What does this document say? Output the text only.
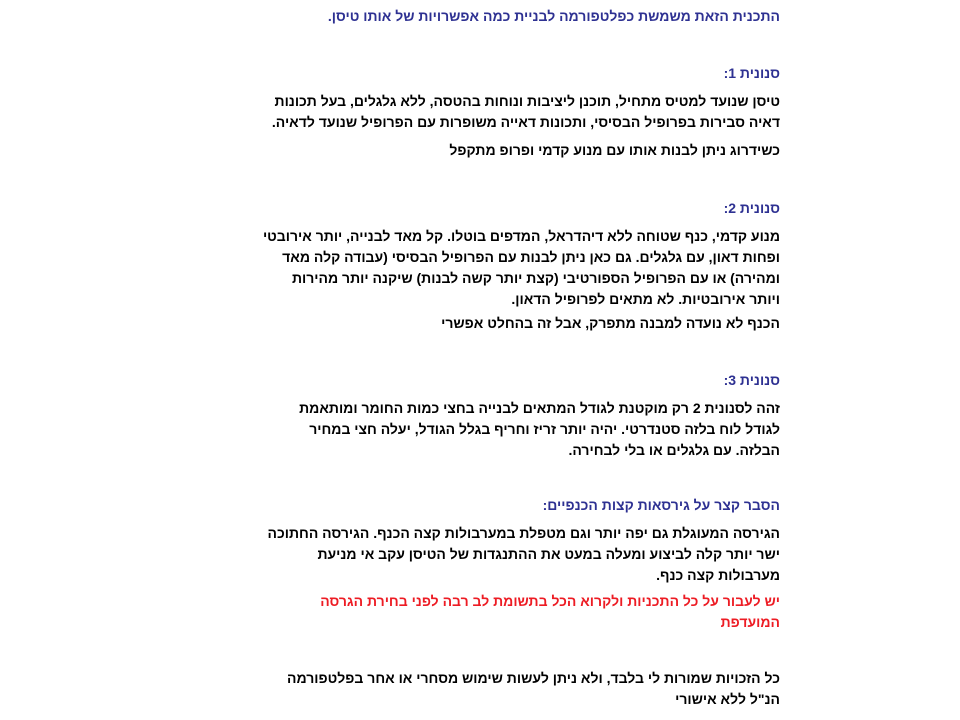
התכנית הזאת משמשת כפלטפורמה לבניית כמה אפשרויות של אותו טיסן.
סנונית 1:
טיסן שנועד למטיס מתחיל, תוכנן ליציבות ונוחות בהטסה, ללא גלגלים, בעל תכונות
דאיה סבירות בפרופיל הבסיסי, ותכונות דאייה משופרות עם הפרופיל שנועד לדאיה.
כשידרוג ניתן לבנות אותו עם מנוע קדמי ופרופ מתקפל
סנונית 2:
מנוע קדמי, כנף שטוחה ללא דיהדראל, המדפים בוטלו. קל מאד לבנייה, יותר אירובטי
ופחות דאון, עם גלגלים. גם כאן ניתן לבנות עם הפרופיל הבסיסי (עבודה קלה מאד
ומהירה) או עם הפרופיל הספורטיבי (קצת יותר קשה לבנות) שיקנה יותר מהירות
ויותר אירובטיות. לא מתאים לפרופיל הדאון.
הכנף לא נועדה למבנה מתפרק, אבל זה בהחלט אפשרי
סנונית 3:
זהה לסנונית 2 רק מוקטנת לגודל המתאים לבנייה בחצי כמות החומר ומותאמת
לגודל לוח בלזה סטנדרטי. יהיה יותר זריז וחריף בגלל הגודל, יעלה חצי במחיר
הבלזה. עם גלגלים או בלי לבחירה.
הסבר קצר על גירסאות קצות הכנפיים:
הגירסה המעוגלת גם יפה יותר וגם מטפלת במערבולות קצה הכנף. הגירסה החתוכה
ישר יותר קלה לביצוע ומעלה במעט את ההתנגדות של הטיסן עקב אי מניעת
מערבולות קצה כנף.
יש לעבור על כל התכניות ולקרוא הכל בתשומת לב רבה לפני בחירת הגרסה
המועדפת
כל הזכויות שמורות לי בלבד, ולא ניתן לעשות שימוש מסחרי או אחר בפלטפורמה
הנ"ל ללא אישורי
